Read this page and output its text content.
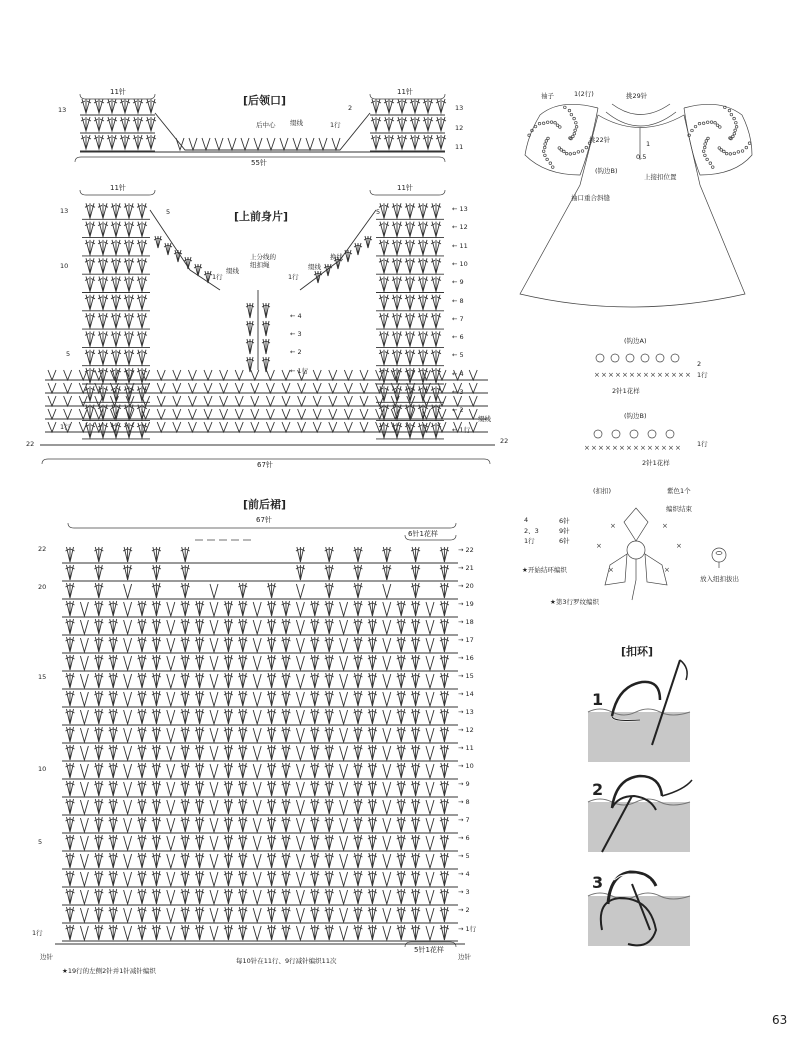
[后领口]
11针	11针
55针
后中心 缀线	1行
2
13	13
12
11
[上前身片]
11针	11针
67针
13
10
5
1行
22	22
← 13
← 12
← 11
← 10
← 9
← 8
← 7
← 6
← 5
← 4
← 3
← 2
← 1行
← 4
← 3
← 2
← 1行
5	5
1行	1行
缀线	缀线
缀线
换线
上分线的纽扣绳
[前后裙]
67针
6针1花样
5针1花样
边针	边针
★19行的左侧2针并1针减针编织
每10针在11行、9行减针编织11次
22
20
15
10
5
1行
→ 22
→ 21
→ 20
→ 19
→ 18
→ 17
→ 16
→ 15
→ 14
→ 13
→ 12
→ 11
→ 10
→ 9
→ 8
→ 7
→ 6
→ 5
→ 4
→ 3
→ 2
→ 1行
袖子	1(2行)	挑29针
挑22针	1
0.5
(钩边B)
上接扣位置
袖口重合斜缝
(钩边A)
2
1行
2针1花样
(钩边B)
1行
2针1花样
× × × × × × × × × × × × × ×
× × × × × × × × × × × × × ×
(扣扣)	紫色1个
4	6针
2、3	9针
1行	6针
编织结束
★开始结环编织
★第3行罗纹编织
放入纽扣拔出
×	×
×	×
×	×
[扣环]
1
2
3
63
